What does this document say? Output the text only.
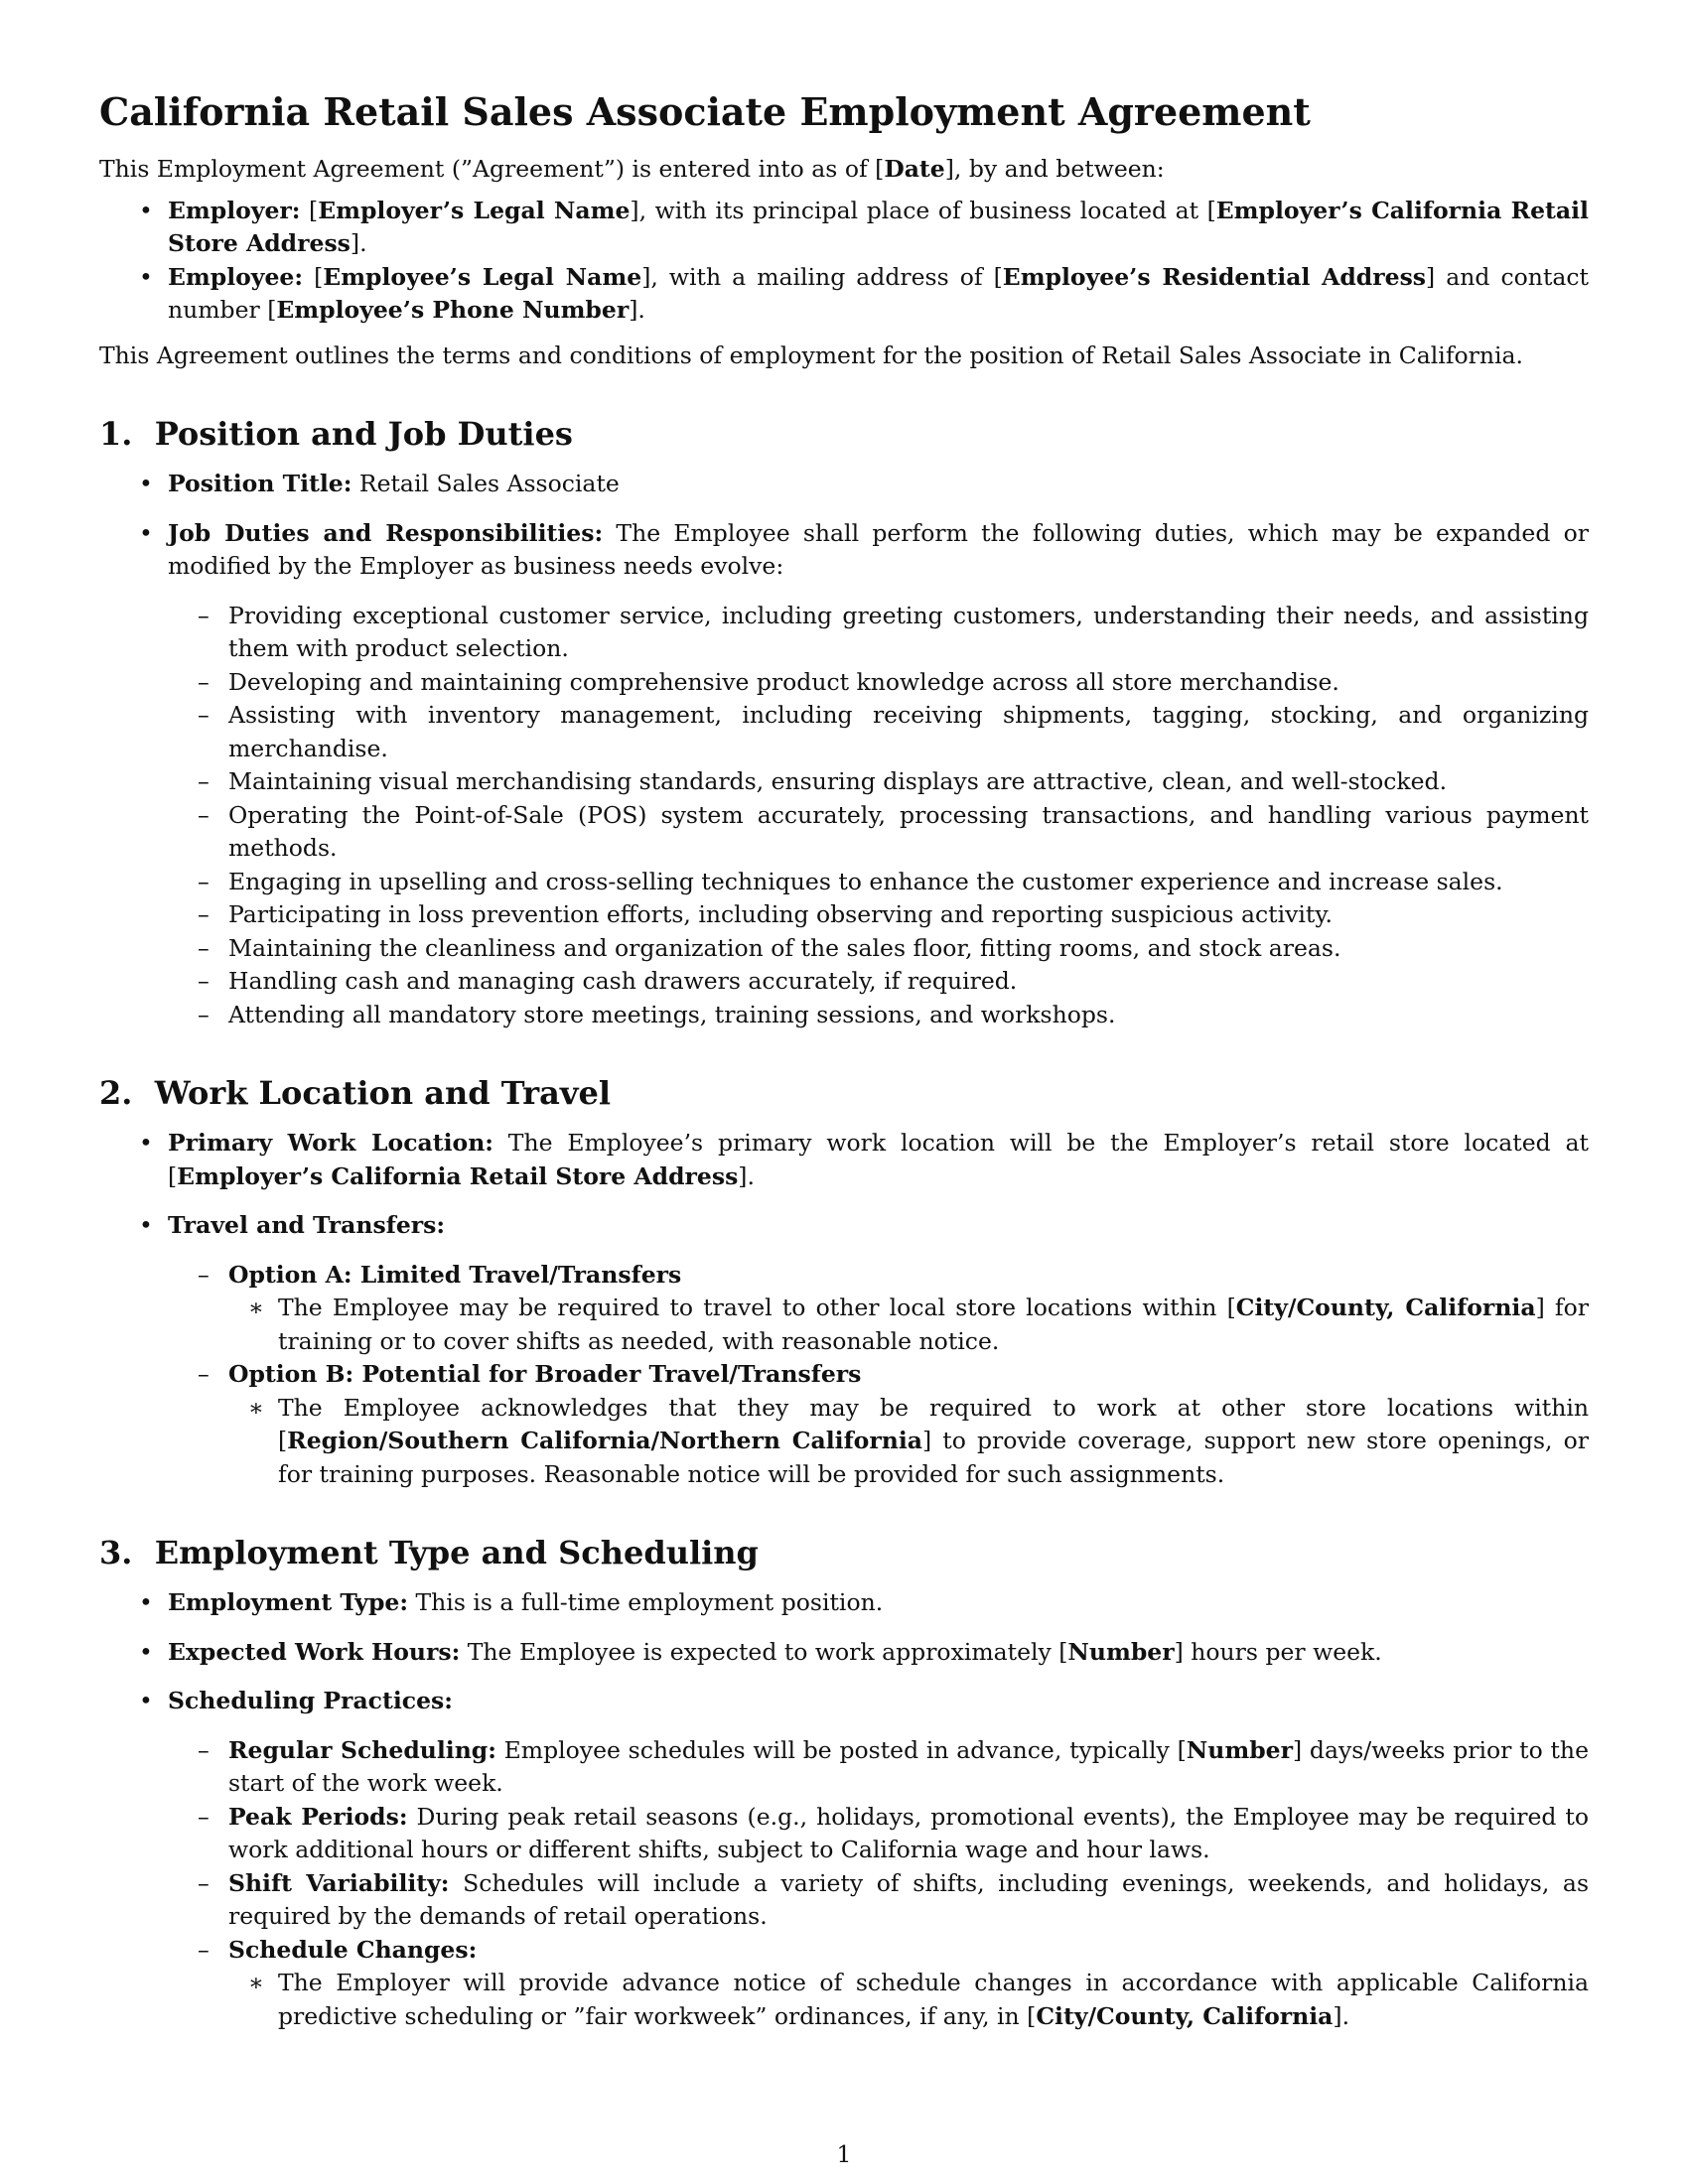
California Retail Sales Associate Employment Agreement

This Employment Agreement (”Agreement”) is entered into as of [Date], by and between:

• Employer: [Employer’s Legal Name], with its principal place of business located at [Employer’s California Retail Store Address].
• Employee: [Employee’s Legal Name], with a mailing address of [Employee’s Residential Address] and contact number [Employee’s Phone Number].

This Agreement outlines the terms and conditions of employment for the position of Retail Sales Associate in California.

1.  Position and Job Duties
• Position Title: Retail Sales Associate
• Job Duties and Responsibilities: The Employee shall perform the following duties, which may be expanded or modified by the Employer as business needs evolve:
– Providing exceptional customer service, including greeting customers, understanding their needs, and assisting them with product selection.
– Developing and maintaining comprehensive product knowledge across all store merchandise.
– Assisting with inventory management, including receiving shipments, tagging, stocking, and organizing merchandise.
– Maintaining visual merchandising standards, ensuring displays are attractive, clean, and well-stocked.
– Operating the Point-of-Sale (POS) system accurately, processing transactions, and handling various payment methods.
– Engaging in upselling and cross-selling techniques to enhance the customer experience and increase sales.
– Participating in loss prevention efforts, including observing and reporting suspicious activity.
– Maintaining the cleanliness and organization of the sales floor, fitting rooms, and stock areas.
– Handling cash and managing cash drawers accurately, if required.
– Attending all mandatory store meetings, training sessions, and workshops.
2.  Work Location and Travel
• Primary Work Location: The Employee’s primary work location will be the Employer’s retail store located at [Employer’s California Retail Store Address].
• Travel and Transfers:
– Option A: Limited Travel/Transfers
∗ The Employee may be required to travel to other local store locations within [City/County, California] for training or to cover shifts as needed, with reasonable notice.
– Option B: Potential for Broader Travel/Transfers
∗ The Employee acknowledges that they may be required to work at other store locations within [Region/Southern California/Northern California] to provide coverage, support new store openings, or for training purposes. Reasonable notice will be provided for such assignments.
3.  Employment Type and Scheduling
• Employment Type: This is a full-time employment position.
• Expected Work Hours: The Employee is expected to work approximately [Number] hours per week.
• Scheduling Practices:
– Regular Scheduling: Employee schedules will be posted in advance, typically [Number] days/weeks prior to the start of the work week.
– Peak Periods: During peak retail seasons (e.g., holidays, promotional events), the Employee may be required to work additional hours or different shifts, subject to California wage and hour laws.
– Shift Variability: Schedules will include a variety of shifts, including evenings, weekends, and holidays, as required by the demands of retail operations.
– Schedule Changes:
∗ The Employer will provide advance notice of schedule changes in accordance with applicable California predictive scheduling or ”fair workweek” ordinances, if any, in [City/County, California].
1
